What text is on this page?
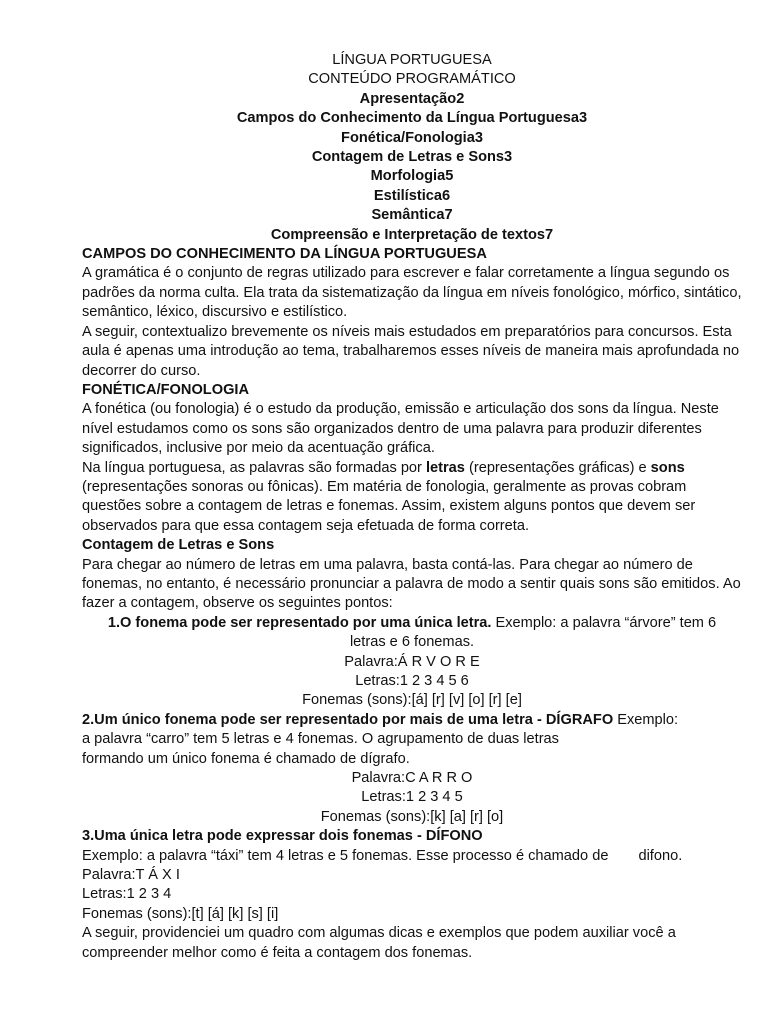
LÍNGUA PORTUGUESA

CONTEÚDO PROGRAMÁTICO

Apresentação2

Campos do Conhecimento da Língua Portuguesa3

Fonética/Fonologia3

Contagem de Letras e Sons3

Morfologia5

Estilística6

Semântica7

Compreensão e Interpretação de textos7

CAMPOS DO CONHECIMENTO DA LÍNGUA PORTUGUESA

A gramática é o conjunto de regras utilizado para escrever e falar corretamente a língua segundo os padrões da norma culta. Ela trata da sistematização da língua em níveis fonológico, mórfico, sintático, semântico, léxico, discursivo e estilístico.

A seguir, contextualizo brevemente os níveis mais estudados em preparatórios para concursos. Esta aula é apenas uma introdução ao tema, trabalharemos esses níveis de maneira mais aprofundada no decorrer do curso.

FONÉTICA/FONOLOGIA

A fonética (ou fonologia) é o estudo da produção, emissão e articulação dos sons da língua. Neste nível estudamos como os sons são organizados dentro de uma palavra para produzir diferentes significados, inclusive por meio da acentuação gráfica.

Na língua portuguesa, as palavras são formadas por letras (representações gráficas) e sons (representações sonoras ou fônicas). Em matéria de fonologia, geralmente as provas cobram questões sobre a contagem de letras e fonemas. Assim, existem alguns pontos que devem ser observados para que essa contagem seja efetuada de forma correta.

Contagem de Letras e Sons

Para chegar ao número de letras em uma palavra, basta contá-las. Para chegar ao número de fonemas, no entanto, é necessário pronunciar a palavra de modo a sentir quais sons são emitidos. Ao fazer a contagem, observe os seguintes pontos:

1.O fonema pode ser representado por uma única letra. Exemplo: a palavra “árvore” tem 6 letras e 6 fonemas.

Palavra:Á R V O R E

Letras:1 2 3 4 5 6

Fonemas (sons):[á] [r] [v] [o] [r] [e]

2.Um único fonema pode ser representado por mais de uma letra - DÍGRAFO Exemplo:

a palavra “carro” tem 5 letras e 4 fonemas. O agrupamento de duas letras

formando um único fonema é chamado de dígrafo.

Palavra:C A R R O

Letras:1 2 3 4 5

Fonemas (sons):[k] [a] [r] [o]

3.Uma única letra pode expressar dois fonemas - DÍFONO

Exemplo: a palavra “táxi” tem 4 letras e 5 fonemas. Esse processo é chamado de difono.

Palavra:T Á X I

Letras:1 2 3 4

Fonemas (sons):[t] [á] [k] [s] [i]

A seguir, providenciei um quadro com algumas dicas e exemplos que podem auxiliar você a compreender melhor como é feita a contagem dos fonemas.
